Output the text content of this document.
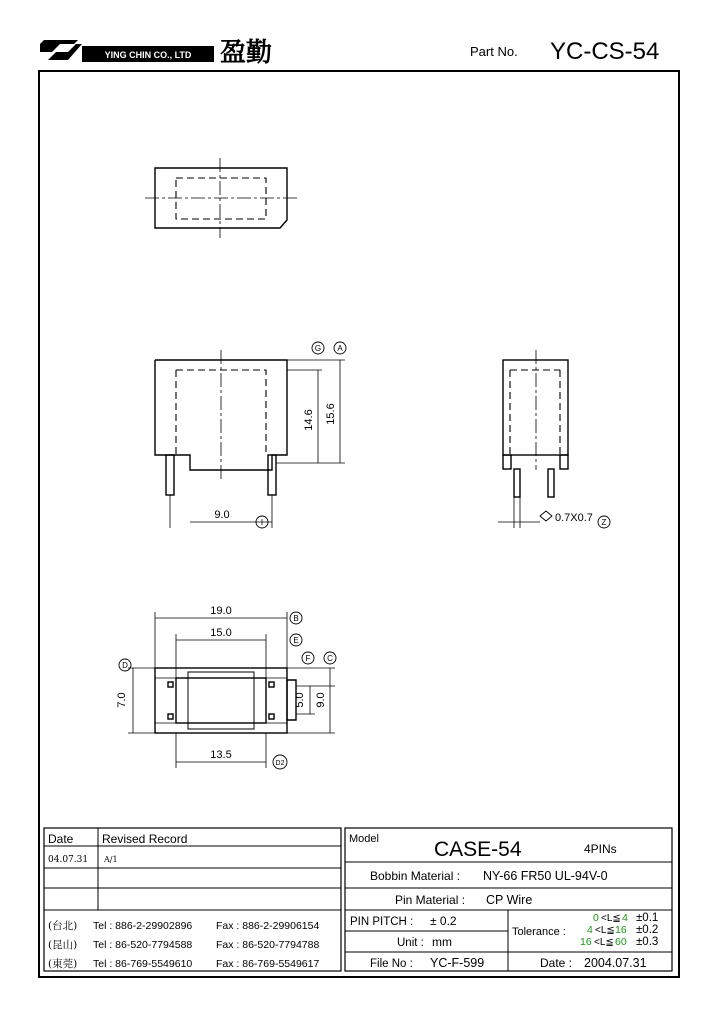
YING CHIN CO., LTD 盈勤	Part No. YC-CS-54
14.6 15.6
9.0	0.7X0.7
19.0
15.0
7.0	5.0 9.0
13.5
G A
I	Z
B
E
F C
D
D2
Date Revised Record
04.07.31 A/1
(台北) Tel : 886-2-29902896 Fax : 886-2-29906154
(昆山) Tel : 86-520-7794588 Fax : 86-520-7794788
(東莞) Tel : 86-769-5549610 Fax : 86-769-5549617
Model	CASE-54	4PINs
Bobbin Material : NY-66 FR50 UL-94V-0
Pin Material : CP Wire
PIN PITCH : ± 0.2
Unit : mm
File No : YC-F-599
Tolerance :
0 <L≦ 4 ±0.1
4 <L≦ 16 ±0.2
16 <L≦ 60 ±0.3
Date : 2004.07.31
